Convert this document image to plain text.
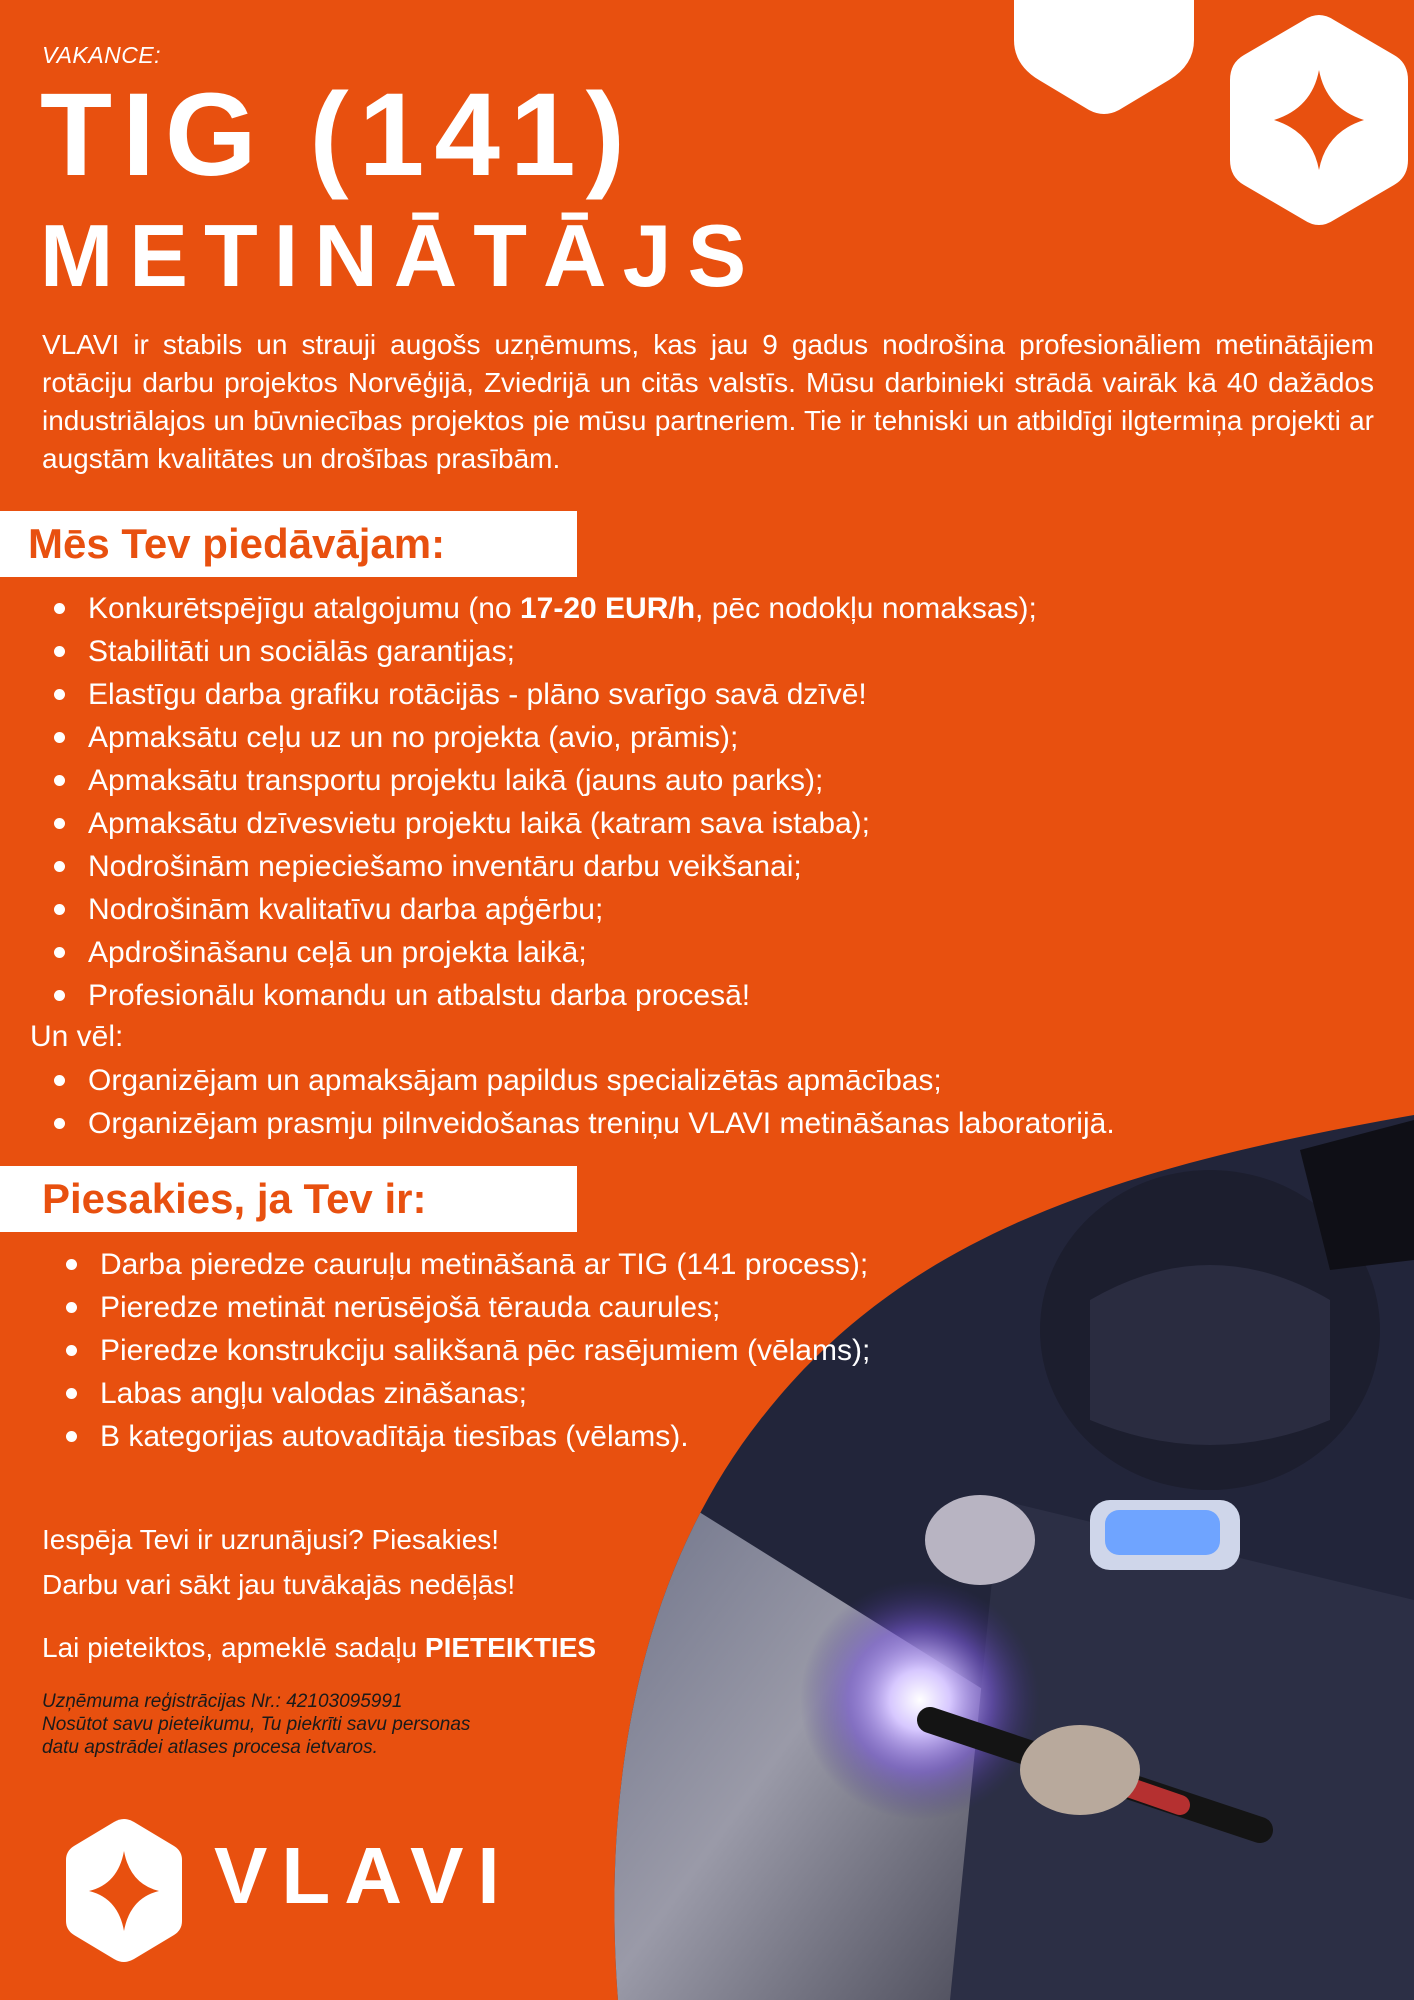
VAKANCE:
TIG (141)
METINĀTĀJS
VLAVI ir stabils un strauji augošs uzņēmums, kas jau 9 gadus nodrošina profesionāliem metinātājiem rotāciju darbu projektos Norvēģijā, Zviedrijā un citās valstīs. Mūsu darbinieki strādā vairāk kā 40 dažādos industriālajos un būvniecības projektos pie mūsu partneriem. Tie ir tehniski un atbildīgi ilgtermiņa projekti ar augstām kvalitātes un drošības prasībām.
Mēs Tev piedāvājam:
Konkurētspējīgu atalgojumu (no 17-20 EUR/h, pēc nodokļu nomaksas);
Stabilitāti un sociālās garantijas;
Elastīgu darba grafiku rotācijās - plāno svarīgo savā dzīvē!
Apmaksātu ceļu uz un no projekta (avio, prāmis);
Apmaksātu transportu projektu laikā (jauns auto parks);
Apmaksātu dzīvesvietu projektu laikā (katram sava istaba);
Nodrošinām nepieciešamo inventāru darbu veikšanai;
Nodrošinām kvalitatīvu darba apģērbu;
Apdrošināšanu ceļā un projekta laikā;
Profesionālu komandu un atbalstu darba procesā!
Un vēl:
Organizējam un apmaksājam papildus specializētās apmācības;
Organizējam prasmju pilnveidošanas treniņu VLAVI metināšanas laboratorijā.
Piesakies, ja Tev ir:
Darba pieredze cauruļu metināšanā ar TIG (141 process);
Pieredze metināt nerūsējošā tērauda caurules;
Pieredze konstrukciju salikšanā pēc rasējumiem (vēlams);
Labas angļu valodas zināšanas;
B kategorijas autovadītāja tiesības (vēlams).
Iespēja Tevi ir uzrunājusi? Piesakies!
Darbu vari sākt jau tuvākajās nedēļās!
Lai pieteiktos, apmeklē sadaļu PIETEIKTIES
Uzņēmuma reģistrācijas Nr.: 42103095991
Nosūtot savu pieteikumu, Tu piekrīti savu personas
datu apstrādei atlases procesa ietvaros.
VLAVI
